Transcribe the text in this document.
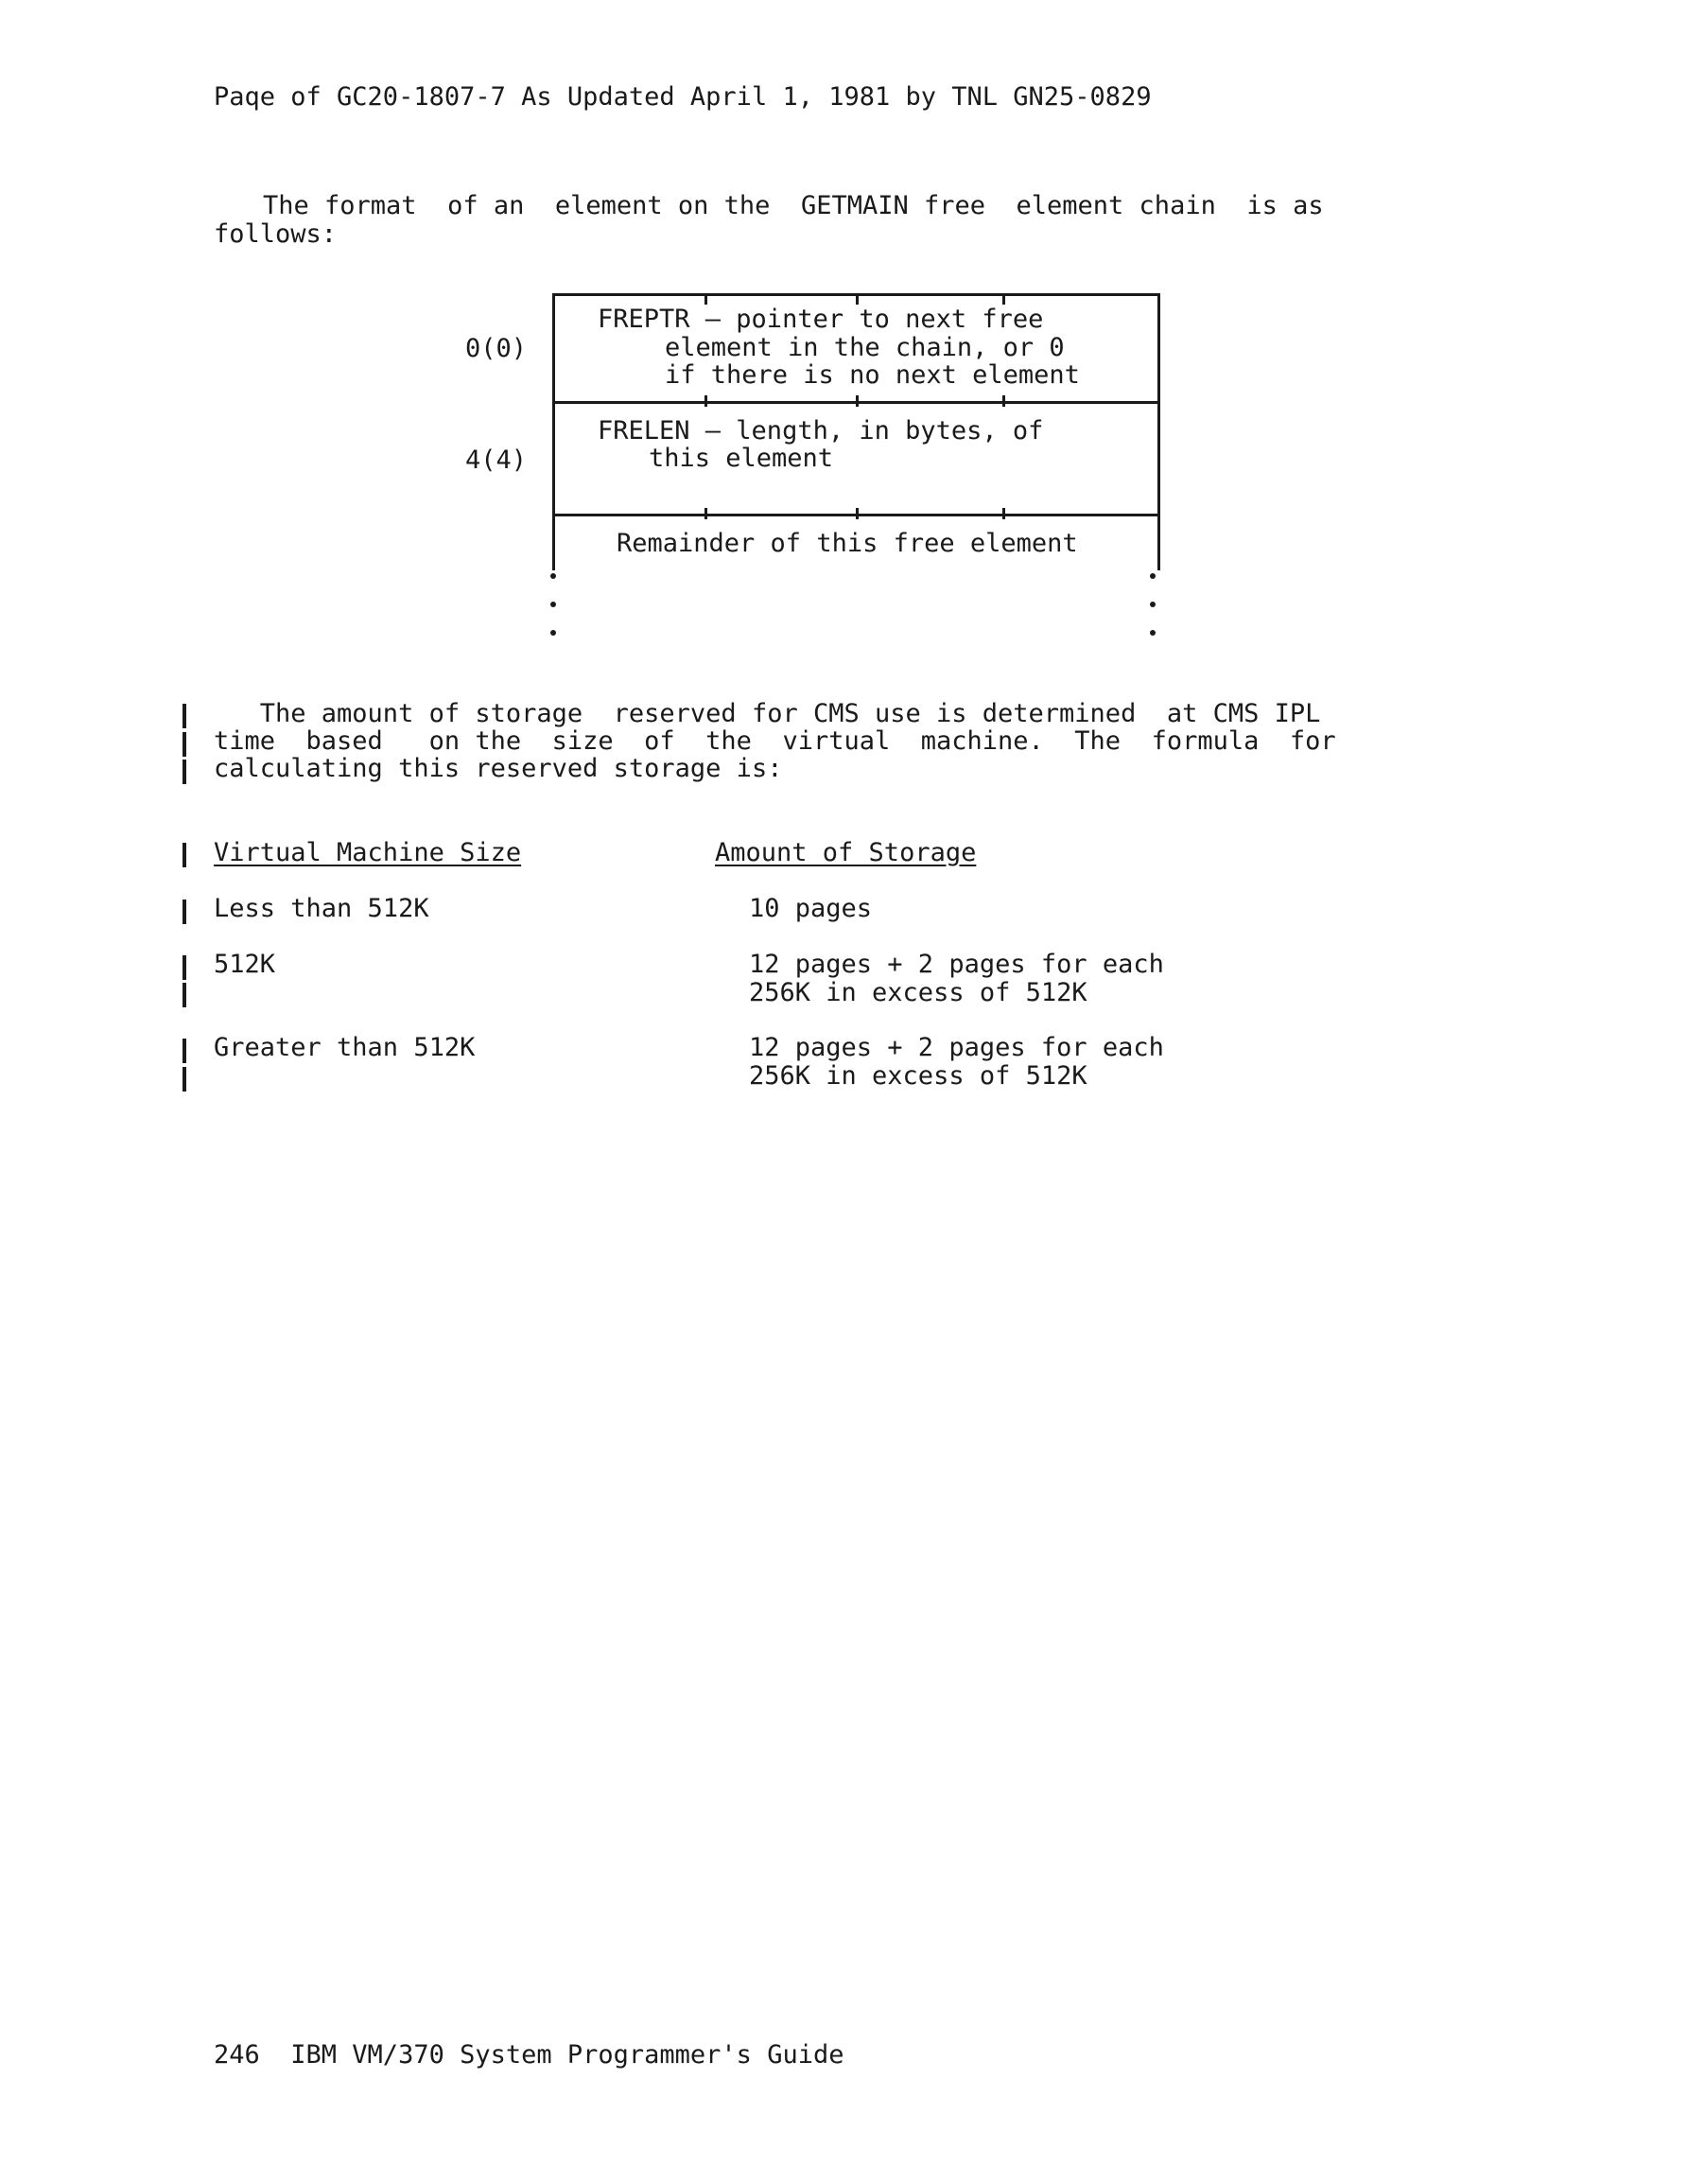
Paqe of GC20-1807-7 As Updated April 1, 1981 by TNL GN25-0829
The format  of an  element on the  GETMAIN free  element chain  is as
follows:
0(0)
FREPTR — pointer to next free
element in the chain, or 0
if there is no next element
4(4)
FRELEN — length, in bytes, of
this element
Remainder of this free element
The amount of storage  reserved for CMS use is determined  at CMS IPL
time  based   on the  size  of  the  virtual  machine.  The  formula  for
calculating this reserved storage is:
Virtual Machine Size	Amount of Storage
Less than 512K	10 pages
512K	12 pages + 2 pages for each
256K in excess of 512K
Greater than 512K	12 pages + 2 pages for each
256K in excess of 512K
246  IBM VM/370 System Programmer's Guide
